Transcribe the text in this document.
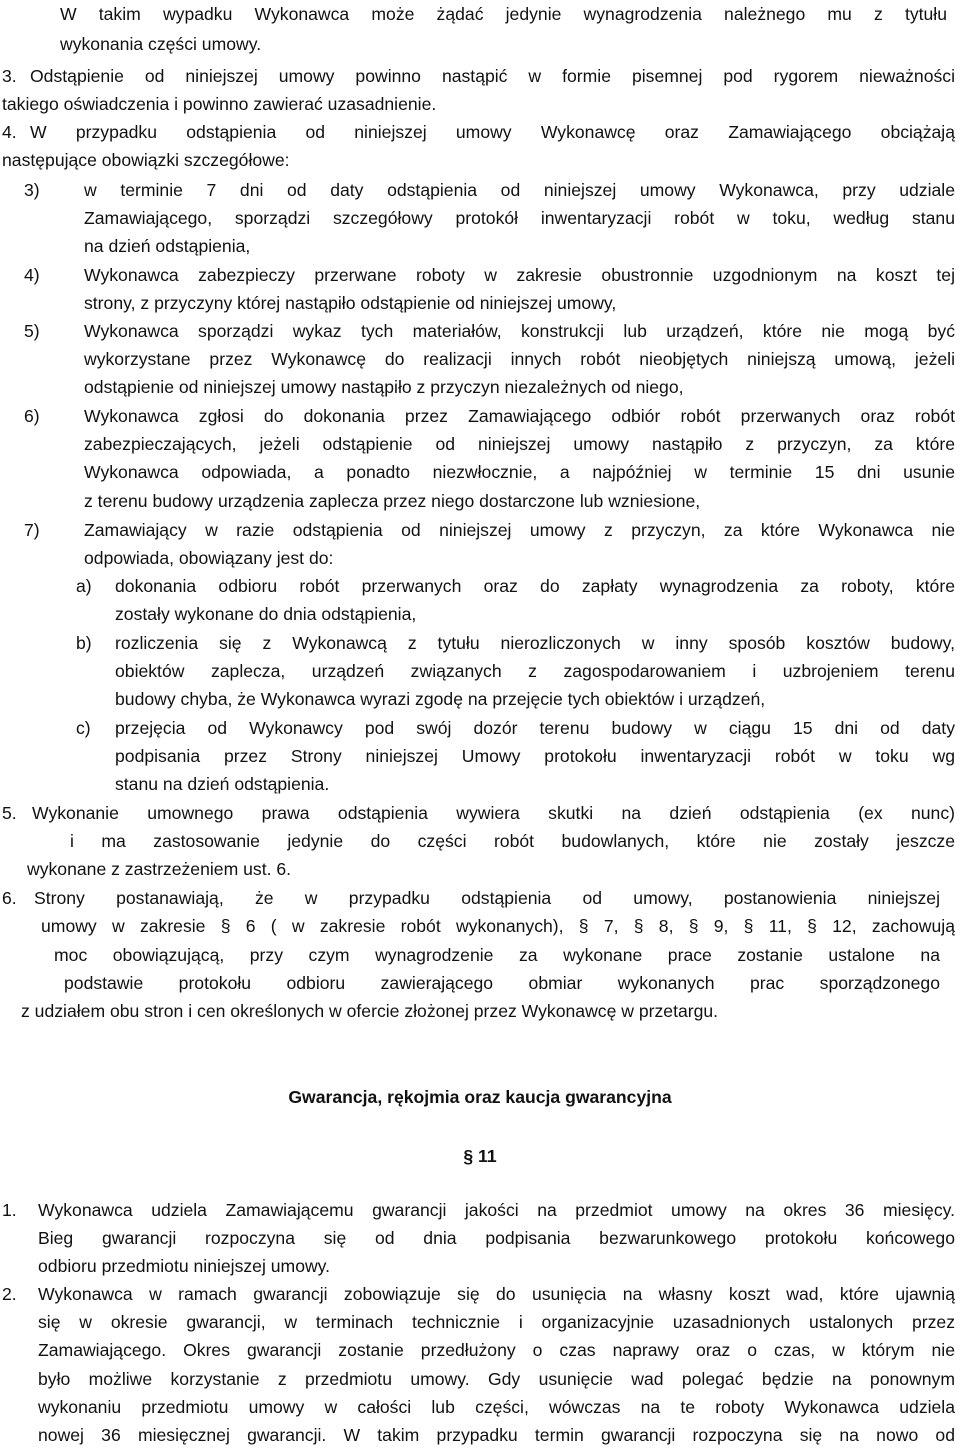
W takim wypadku Wykonawca może żądać jedynie wynagrodzenia należnego mu z tytułu
wykonania części umowy.
3. Odstąpienie od niniejszej umowy powinno nastąpić w formie pisemnej pod rygorem nieważności
takiego oświadczenia i powinno zawierać uzasadnienie.
4. W przypadku odstąpienia od niniejszej umowy Wykonawcę oraz Zamawiającego obciążają
następujące obowiązki szczegółowe:
3)	w terminie 7 dni od daty odstąpienia od niniejszej umowy Wykonawca, przy udziale
Zamawiającego, sporządzi szczegółowy protokół inwentaryzacji robót w toku, według stanu
na dzień odstąpienia,
4)	Wykonawca zabezpieczy przerwane roboty w zakresie obustronnie uzgodnionym na koszt tej
strony, z przyczyny której nastąpiło odstąpienie od niniejszej umowy,
5)	Wykonawca sporządzi wykaz tych materiałów, konstrukcji lub urządzeń, które nie mogą być
wykorzystane przez Wykonawcę do realizacji innych robót nieobjętych niniejszą umową, jeżeli
odstąpienie od niniejszej umowy nastąpiło z przyczyn niezależnych od niego,
6)	Wykonawca zgłosi do dokonania przez Zamawiającego odbiór robót przerwanych oraz robót
zabezpieczających, jeżeli odstąpienie od niniejszej umowy nastąpiło z przyczyn, za które
Wykonawca odpowiada, a ponadto niezwłocznie, a najpóźniej w terminie 15 dni usunie
z terenu budowy urządzenia zaplecza przez niego dostarczone lub wzniesione,
7)	Zamawiający w razie odstąpienia od niniejszej umowy z przyczyn, za które Wykonawca nie
odpowiada, obowiązany jest do:
a) dokonania odbioru robót przerwanych oraz do zapłaty wynagrodzenia za roboty, które
zostały wykonane do dnia odstąpienia,
b) rozliczenia się z Wykonawcą z tytułu nierozliczonych w inny sposób kosztów budowy,
obiektów zaplecza, urządzeń związanych z zagospodarowaniem i uzbrojeniem terenu
budowy chyba, że Wykonawca wyrazi zgodę na przejęcie tych obiektów i urządzeń,
c) przejęcia od Wykonawcy pod swój dozór terenu budowy w ciągu 15 dni od daty
podpisania przez Strony niniejszej Umowy protokołu inwentaryzacji robót w toku wg
stanu na dzień odstąpienia.
5. Wykonanie umownego prawa odstąpienia wywiera skutki na dzień odstąpienia (ex nunc)
i ma zastosowanie jedynie do części robót budowlanych, które nie zostały jeszcze
wykonane z zastrzeżeniem ust. 6.
6. Strony postanawiają, że w przypadku odstąpienia od umowy, postanowienia niniejszej
umowy w zakresie § 6 ( w zakresie robót wykonanych), § 7, § 8, § 9, § 11, § 12, zachowują
moc obowiązującą, przy czym wynagrodzenie za wykonane prace zostanie ustalone na
podstawie protokołu odbioru zawierającego obmiar wykonanych prac sporządzonego
z udziałem obu stron i cen określonych w ofercie złożonej przez Wykonawcę w przetargu.
Gwarancja, rękojmia oraz kaucja gwarancyjna
§ 11
1. Wykonawca udziela Zamawiającemu gwarancji jakości na przedmiot umowy na okres 36 miesięcy.
Bieg gwarancji rozpoczyna się od dnia podpisania bezwarunkowego protokołu końcowego
odbioru przedmiotu niniejszej umowy.
2. Wykonawca w ramach gwarancji zobowiązuje się do usunięcia na własny koszt wad, które ujawnią
się w okresie gwarancji, w terminach technicznie i organizacyjnie uzasadnionych ustalonych przez
Zamawiającego. Okres gwarancji zostanie przedłużony o czas naprawy oraz o czas, w którym nie
było możliwe korzystanie z przedmiotu umowy. Gdy usunięcie wad polegać będzie na ponownym
wykonaniu przedmiotu umowy w całości lub części, wówczas na te roboty Wykonawca udziela
nowej 36 miesięcznej gwarancji. W takim przypadku termin gwarancji rozpoczyna się na nowo od
